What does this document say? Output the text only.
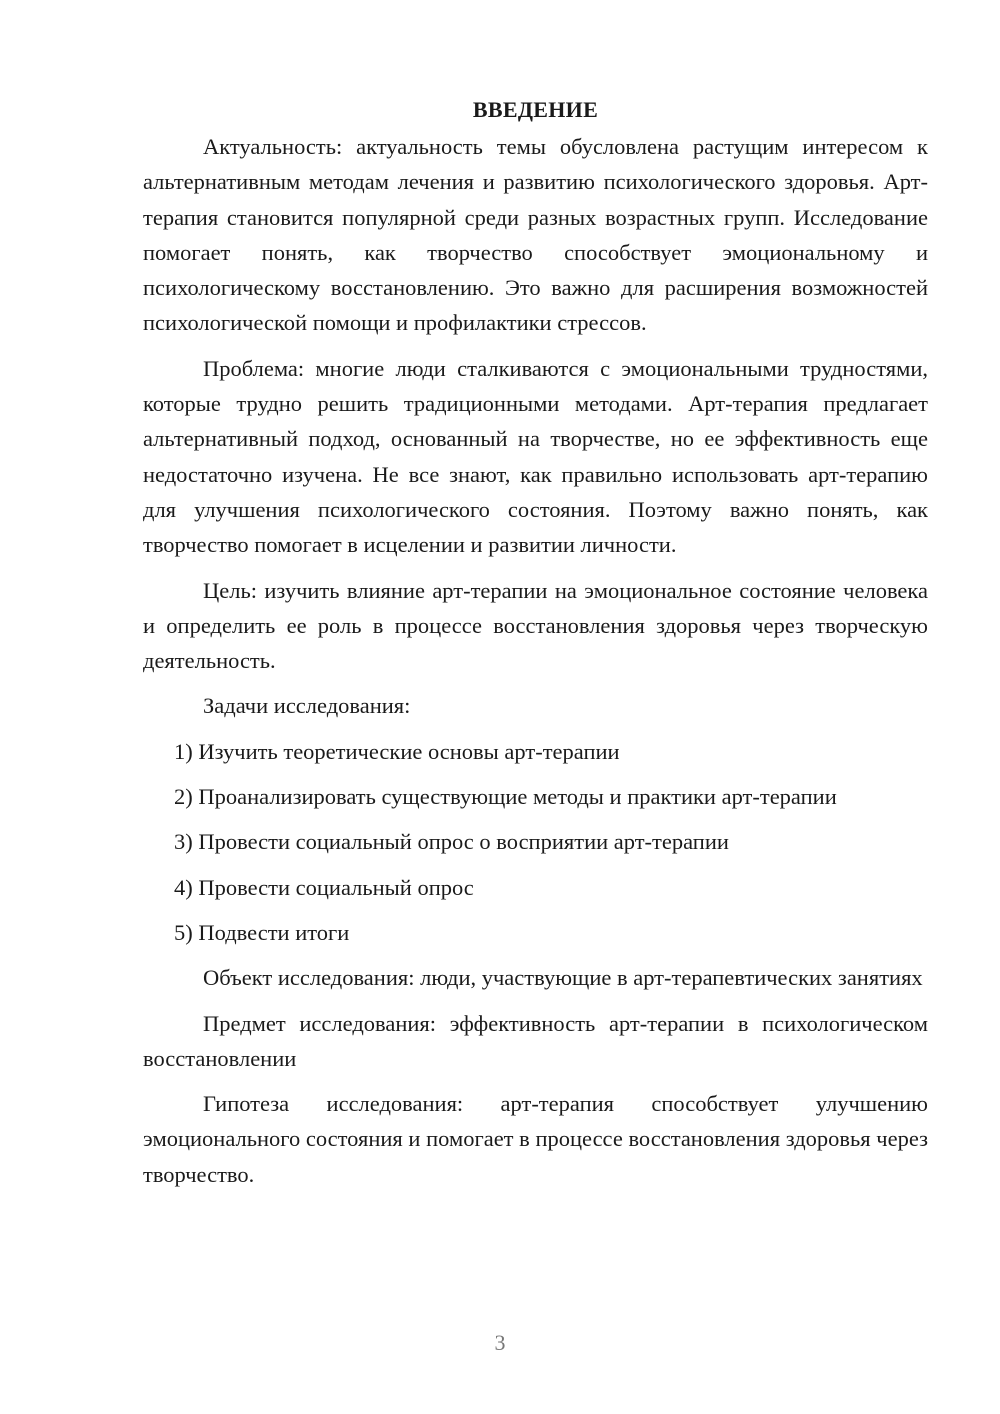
ВВЕДЕНИЕ

Актуальность: актуальность темы обусловлена растущим интересом к альтернативным методам лечения и развитию психологического здоровья. Арт-терапия становится популярной среди разных возрастных групп. Исследование помогает понять, как творчество способствует эмоциональному и психологическому восстановлению. Это важно для расширения возможностей психологической помощи и профилактики стрессов.

Проблема: многие люди сталкиваются с эмоциональными трудностями, которые трудно решить традиционными методами. Арт-терапия предлагает альтернативный подход, основанный на творчестве, но ее эффективность еще недостаточно изучена. Не все знают, как правильно использовать арт-терапию для улучшения психологического состояния. Поэтому важно понять, как творчество помогает в исцелении и развитии личности.

Цель: изучить влияние арт-терапии на эмоциональное состояние человека и определить ее роль в процессе восстановления здоровья через творческую деятельность.

Задачи исследования:

1) Изучить теоретические основы арт-терапии

2) Проанализировать существующие методы и практики арт-терапии

3) Провести социальный опрос о восприятии арт-терапии

4) Провести социальный опрос

5) Подвести итоги

Объект исследования: люди, участвующие в арт-терапевтических занятиях

Предмет исследования: эффективность арт-терапии в психологическом восстановлении

Гипотеза исследования: арт-терапия способствует улучшению эмоционального состояния и помогает в процессе восстановления здоровья через творчество.

3
